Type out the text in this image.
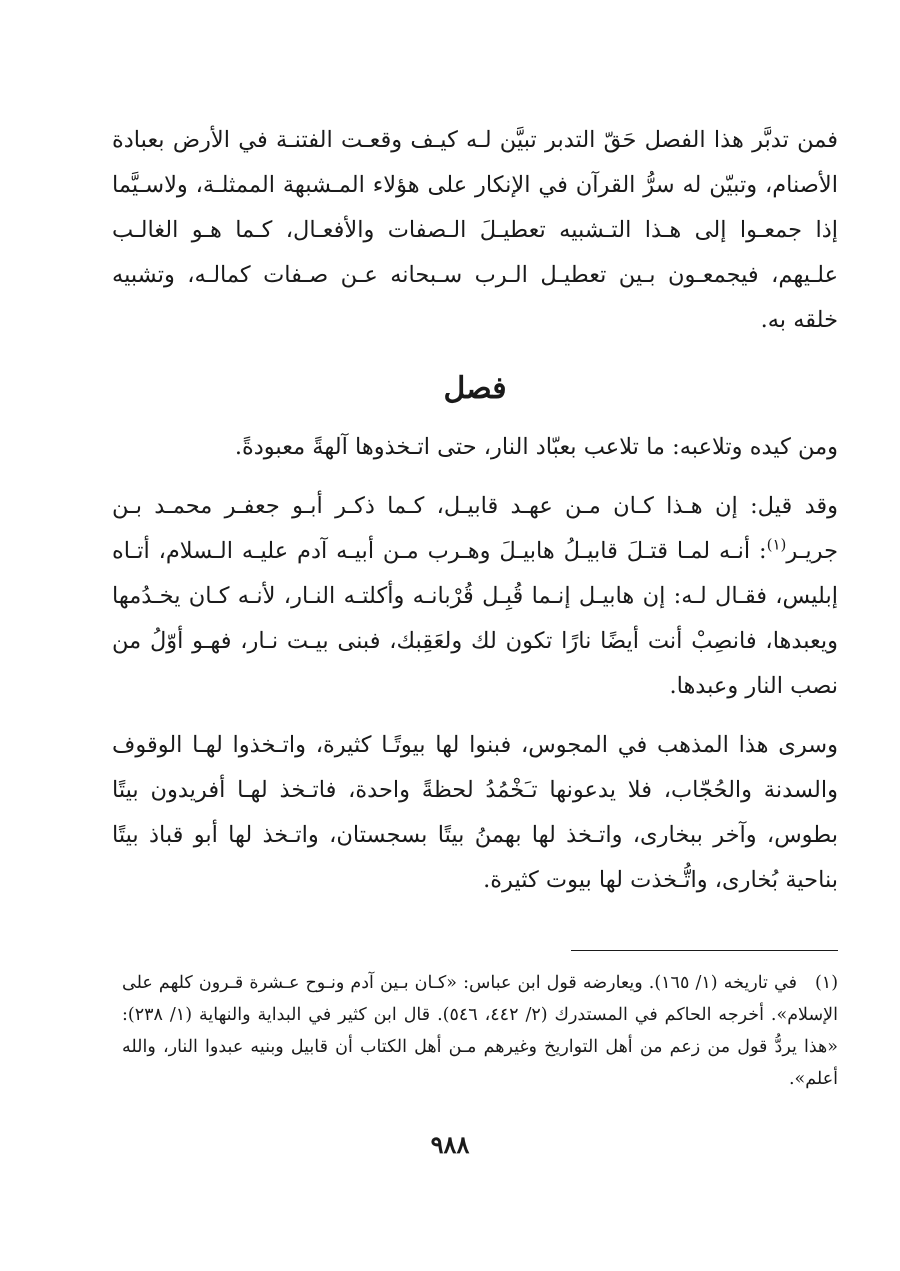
فمن تدبَّر هذا الفصل حَقّ التدبر تبيَّن لـه كيـف وقعـت الفتنـة في الأرض بعبادة الأصنام، وتبيّن له سرُّ القرآن في الإنكار على هؤلاء المـشبهة الممثلـة، ولاسـيَّما إذا جمعـوا إلى هـذا التـشبيه تعطيـلَ الـصفات والأفعـال، كـما هـو الغالـب علـيهم، فيجمعـون بـين تعطيـل الـرب سـبحانه عـن صـفات كمالـه، وتشبيه خلقه به.

فصل

ومن كيده وتلاعبه: ما تلاعب بعبّاد النار، حتى اتـخذوها آلهةً معبودةً.

وقد قيل: إن هـذا كـان مـن عهـد قابيـل، كـما ذكـر أبـو جعفـر محمـد بـن جريـر$^{(١)}$: أنـه لمـا قتـلَ قابيـلُ هابيـلَ وهـرب مـن أبيـه آدم عليـه الـسلام، أتـاه إبليس، فقـال لـه: إن هابيـل إنـما قُبِـل قُرْبانـه وأكلتـه النـار، لأنـه كـان يخـدُمها ويعبدها، فانصِبْ أنت أيضًا نارًا تكون لك ولعَقِبك، فبنى بيـت نـار، فهـو أوّلُ من نصب النار وعبدها.

وسرى هذا المذهب في المجوس، فبنوا لها بيوتًـا كثيرة، واتـخذوا لهـا الوقوف والسدنة والحُجّاب، فلا يدعونها تـَخْمُدُ لحظةً واحدة، فاتـخذ لهـا أفريدون بيتًا بطوس، وآخر ببخارى، واتـخذ لها بهمنُ بيتًا بسجستان، واتـخذ لها أبو قباذ بيتًا بناحية بُخارى، واتُّـخذت لها بيوت كثيرة.

(١)في تاريخه (١/ ١٦٥). ويعارضه قول ابن عباس: «كـان بـين آدم ونـوح عـشرة قـرون كلهم على الإسلام». أخرجه الحاكم في المستدرك (٢/ ٤٤٢، ٥٤٦). قال ابن كثير في البداية والنهاية (١/ ٢٣٨): «هذا يردُّ قول من زعم من أهل التواريخ وغيرهم مـن أهل الكتاب أن قابيل وبنيه عبدوا النار، والله أعلم».
٩٨٨
